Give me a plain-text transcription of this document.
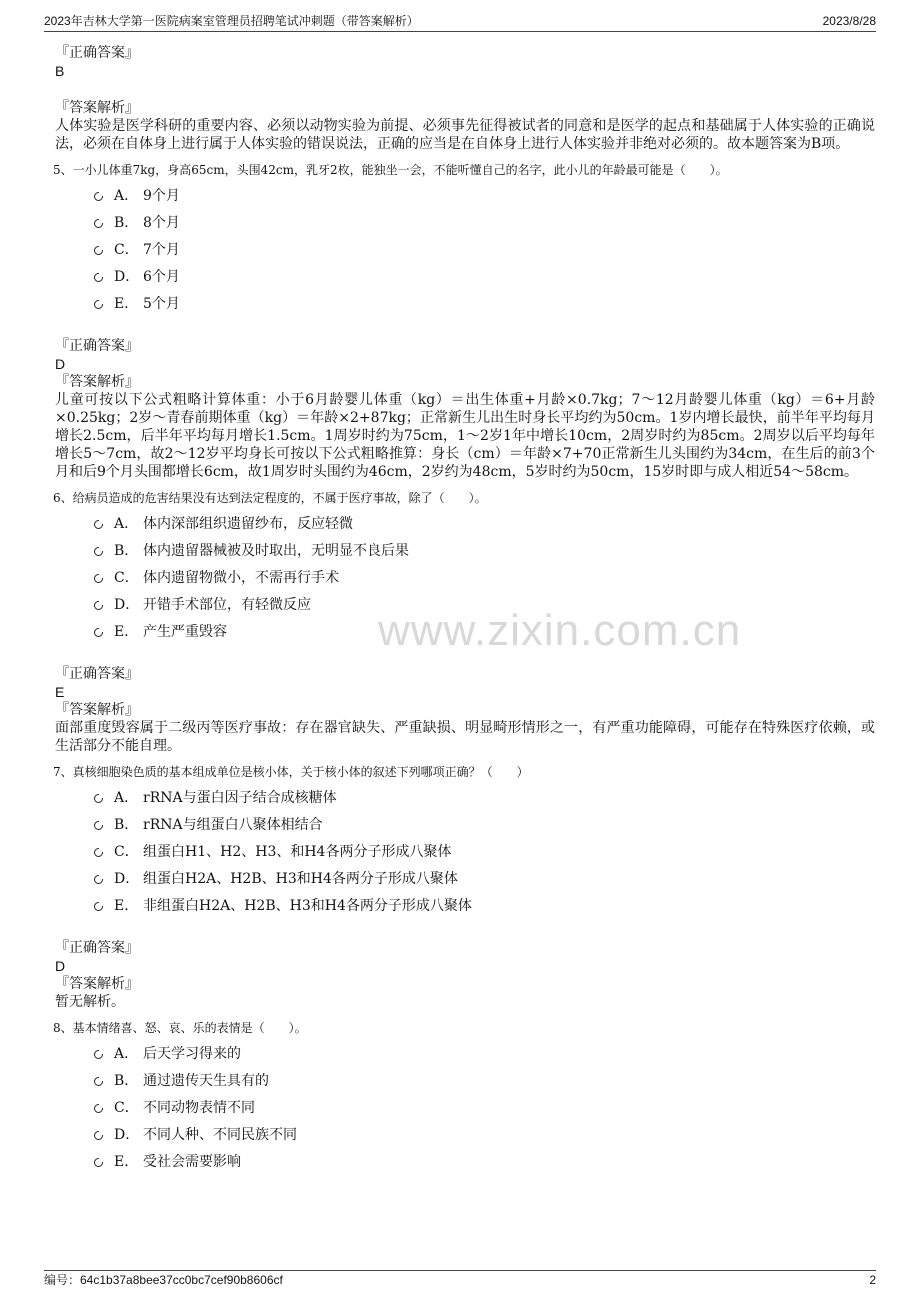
2023年吉林大学第一医院病案室管理员招聘笔试冲刺题（带答案解析）	2023/8/28
www.zixin.com.cn
『正确答案』
B
『答案解析』
人体实验是医学科研的重要内容、必须以动物实验为前提、必须事先征得被试者的同意和是医学的起点和基础属于人体实验的正确说法，必须在自体身上进行属于人体实验的错误说法，正确的应当是在自体身上进行人体实验并非绝对必须的。故本题答案为B项。
5、一小儿体重7kg，身高65cm，头围42cm，乳牙2枚，能独坐一会，不能听懂自己的名字，此小儿的年龄最可能是（　　）。
A． 9个月
B． 8个月
C． 7个月
D． 6个月
E． 5个月
『正确答案』
D
『答案解析』
儿童可按以下公式粗略计算体重：小于6月龄婴儿体重（kg）＝出生体重+月龄×0.7kg；7～12月龄婴儿体重（kg）＝6+月龄×0.25kg；2岁～青春前期体重（kg）＝年龄×2+87kg；正常新生儿出生时身长平均约为50cm。1岁内增长最快，前半年平均每月增长2.5cm，后半年平均每月增长1.5cm。1周岁时约为75cm，1～2岁1年中增长10cm，2周岁时约为85cm。2周岁以后平均每年增长5～7cm，故2～12岁平均身长可按以下公式粗略推算：身长（cm）＝年龄×7+70正常新生儿头围约为34cm，在生后的前3个月和后9个月头围都增长6cm，故1周岁时头围约为46cm，2岁约为48cm，5岁时约为50cm，15岁时即与成人相近54～58cm。
6、给病员造成的危害结果没有达到法定程度的，不属于医疗事故，除了（　　）。
A． 体内深部组织遗留纱布，反应轻微
B． 体内遗留器械被及时取出，无明显不良后果
C． 体内遗留物微小，不需再行手术
D． 开错手术部位，有轻微反应
E． 产生严重毁容
『正确答案』
E
『答案解析』
面部重度毁容属于二级丙等医疗事故：存在器官缺失、严重缺损、明显畸形情形之一，有严重功能障碍，可能存在特殊医疗依赖，或生活部分不能自理。
7、真核细胞染色质的基本组成单位是核小体，关于核小体的叙述下列哪项正确？（　　）
A． rRNA与蛋白因子结合成核糖体
B． rRNA与组蛋白八聚体相结合
C． 组蛋白H1、H2、H3、和H4各两分子形成八聚体
D． 组蛋白H2A、H2B、H3和H4各两分子形成八聚体
E． 非组蛋白H2A、H2B、H3和H4各两分子形成八聚体
『正确答案』
D
『答案解析』
暂无解析。
8、基本情绪喜、怒、哀、乐的表情是（　　）。
A． 后天学习得来的
B． 通过遗传天生具有的
C． 不同动物表情不同
D． 不同人种、不同民族不同
E． 受社会需要影响
编号：64c1b37a8bee37cc0bc7cef90b8606cf	2
